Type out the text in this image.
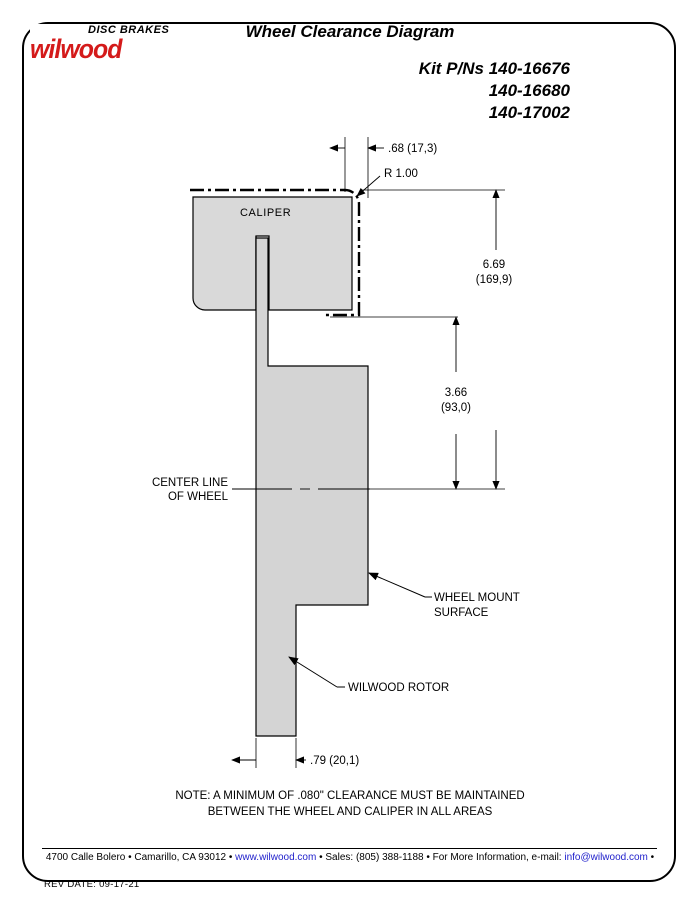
DISC BRAKES
wilwood
Wheel Clearance Diagram
Kit P/Ns 140-16676
140-16680
140-17002
CALIPER
.68 (17,3)
R 1.00
6.69
(169,9)
3.66
(93,0)
CENTER LINE
OF WHEEL
WHEEL MOUNT
SURFACE
WILWOOD ROTOR
.79 (20,1)
NOTE: A MINIMUM OF .080" CLEARANCE MUST BE MAINTAINED
BETWEEN THE WHEEL AND CALIPER IN ALL AREAS
4700 Calle Bolero • Camarillo, CA 93012 • www.wilwood.com • Sales: (805) 388-1188 • For More Information, e-mail: info@wilwood.com •
REV DATE: 09-17-21
